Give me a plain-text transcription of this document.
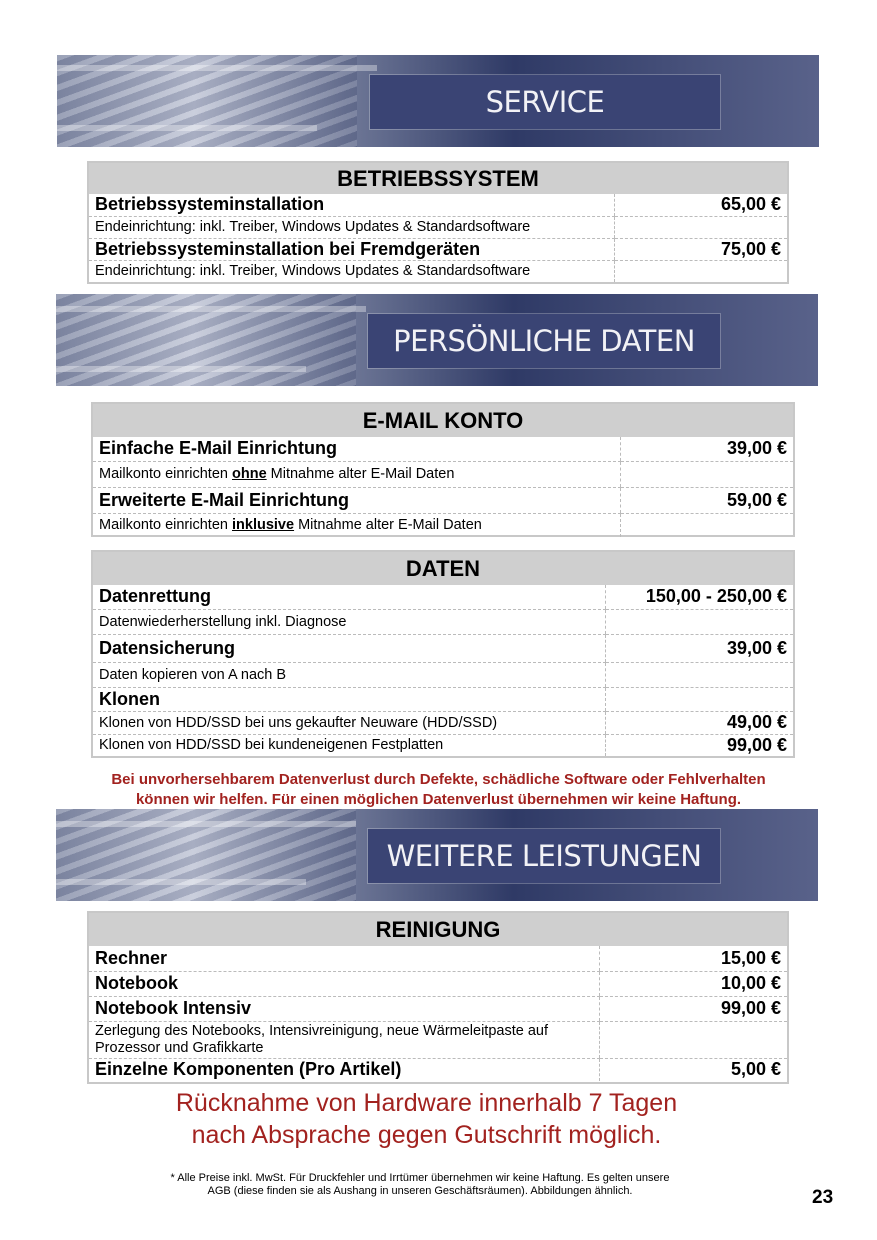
SERVICE
BETRIEBSSYSTEM
Betriebssysteminstallation	65,00 €
Endeinrichtung: inkl. Treiber, Windows Updates & Standardsoftware	
Betriebssysteminstallation bei Fremdgeräten	75,00 €
Endeinrichtung: inkl. Treiber, Windows Updates & Standardsoftware	
PERSÖNLICHE DATEN
E-MAIL KONTO
Einfache E-Mail Einrichtung	39,00 €
Mailkonto einrichten ohne Mitnahme alter E-Mail Daten	
Erweiterte E-Mail Einrichtung	59,00 €
Mailkonto einrichten inklusive Mitnahme alter E-Mail Daten	
DATEN
Datenrettung	150,00 - 250,00 €
Datenwiederherstellung inkl. Diagnose	
Datensicherung	39,00 €
Daten kopieren von A nach B	
Klonen	
Klonen von HDD/SSD bei uns gekaufter Neuware (HDD/SSD)	49,00 €
Klonen von HDD/SSD bei kundeneigenen Festplatten	99,00 €
Bei unvorhersehbarem Datenverlust durch Defekte, schädliche Software oder Fehlverhalten
können wir helfen. Für einen möglichen Datenverlust übernehmen wir keine Haftung.
WEITERE LEISTUNGEN
REINIGUNG
Rechner	15,00 €
Notebook	10,00 €
Notebook Intensiv	99,00 €
Zerlegung des Notebooks, Intensivreinigung, neue Wärmeleitpaste auf Prozessor und Grafikkarte	
Einzelne Komponenten (Pro Artikel)	5,00 €
Rücknahme von Hardware innerhalb 7 Tagen
nach Absprache gegen Gutschrift möglich.
* Alle Preise inkl. MwSt. Für Druckfehler und Irrtümer übernehmen wir keine Haftung. Es gelten unsere
AGB (diese finden sie als Aushang in unseren Geschäftsräumen). Abbildungen ähnlich.	23
